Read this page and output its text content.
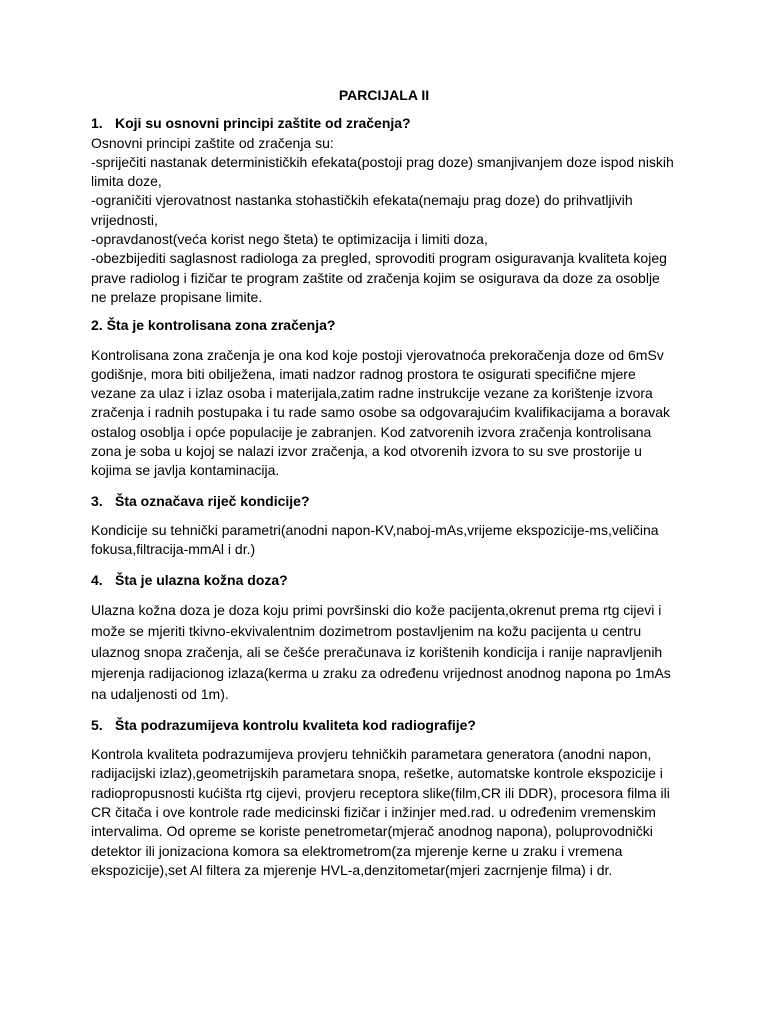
PARCIJALA II

1. Koji su osnovni principi zaštite od zračenja?

Osnovni principi zaštite od zračenja su:
-spriječiti nastanak determinističkih efekata(postoji prag doze) smanjivanjem doze ispod niskih limita doze,
-ograničiti vjerovatnost nastanka stohastičkih efekata(nemaju prag doze) do prihvatljivih vrijednosti,
-opravdanost(veća korist nego šteta) te optimizacija i limiti doza,
-obezbijediti saglasnost radiologa za pregled, sprovoditi program osiguravanja kvaliteta kojeg prave radiolog i fizičar te program zaštite od zračenja kojim se osigurava da doze za osoblje ne prelaze propisane limite.

2. Šta je kontrolisana zona zračenja?

Kontrolisana zona zračenja je ona kod koje postoji vjerovatnoća prekoračenja doze od 6mSv godišnje, mora biti obilježena, imati nadzor radnog prostora te osigurati specifične mjere vezane za ulaz i izlaz osoba i materijala,zatim radne instrukcije vezane za korištenje izvora zračenja i radnih postupaka i tu rade samo osobe sa odgovarajućim kvalifikacijama a boravak ostalog osoblja i opće populacije je zabranjen. Kod zatvorenih izvora zračenja kontrolisana zona je soba u kojoj se nalazi izvor zračenja, a kod otvorenih izvora to su sve prostorije u kojima se javlja kontaminacija.

3. Šta označava riječ kondicije?

Kondicije su tehnički parametri(anodni napon-KV,naboj-mAs,vrijeme ekspozicije-ms,veličina fokusa,filtracija-mmAl i dr.)

4. Šta je ulazna kožna doza?

Ulazna kožna doza je doza koju primi površinski dio kože pacijenta,okrenut prema rtg cijevi i može se mjeriti tkivno-ekvivalentnim dozimetrom postavljenim na kožu pacijenta u centru ulaznog snopa zračenja, ali se češće preračunava iz korištenih kondicija i ranije napravljenih mjerenja radijacionog izlaza(kerma u zraku za određenu vrijednost anodnog napona po 1mAs na udaljenosti od 1m).

5. Šta podrazumijeva kontrolu kvaliteta kod radiografije?

Kontrola kvaliteta podrazumijeva provjeru tehničkih parametara generatora (anodni napon, radijacijski izlaz),geometrijskih parametara snopa, rešetke, automatske kontrole ekspozicije i radiopropusnosti kućišta rtg cijevi, provjeru receptora slike(film,CR ili DDR), procesora filma ili CR čitača i ove kontrole rade medicinski fizičar i inžinjer med.rad. u određenim vremenskim intervalima. Od opreme se koriste penetrometar(mjerač anodnog napona), poluprovodnički detektor ili jonizaciona komora sa elektrometrom(za mjerenje kerne u zraku i vremena ekspozicije),set Al filtera za mjerenje HVL-a,denzitometar(mjeri zacrnjenje filma) i dr.
